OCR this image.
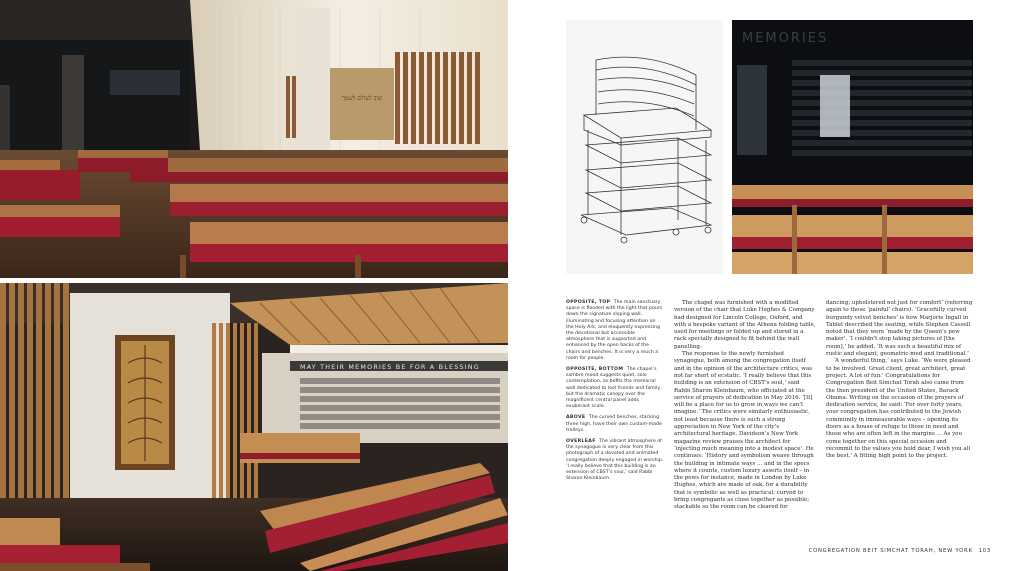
שוב לעולם לשמך
MAY THEIR MEMORIES BE FOR A BLESSING
MEMORIES

OPPOSITE, TOP The main sanctuary space is flooded with the light that pours down the signature sloping wall, illuminating and focusing attention on the Holy Ark, and eloquently expressing the devotional but accessible atmosphere that is supported and enhanced by the open backs of the chairs and benches. It is very a much a room for people.

OPPOSITE, BOTTOM The chapel’s sombre mood suggests quiet, solo contemplation, as befits the memorial wall dedicated to lost friends and family, but the dramatic canopy over the magnificent central panel adds exuberant scale.

ABOVE The curved benches, stacking three high, have their own custom-made trolleys.

OVERLEAF The vibrant atmosphere of the synagogue is very clear from this photograph of a devoted and animated congregation deeply engaged in worship. ‘I really believe that this building is an extension of CBST’s soul,’ said Rabbi Sharon Kleinbaum.

The chapel was furnished with a modified version of the chair that Luke Hughes & Company had designed for Lincoln College, Oxford, and with a bespoke variant of the Athena folding table, used for meetings or folded up and stored in a rack specially designed to fit behind the wall panelling.

The response to the newly furnished synagogue, both among the congregation itself and in the opinion of the architecture critics, was not far short of ecstatic. ‘I really believe that this building is an extension of CBST’s soul,’ said Rabbi Sharon Kleinbaum, who officiated at the service of prayers of dedication in May 2016. ‘[It] will be a place for us to grow in ways we can’t imagine.’ The critics were similarly enthusiastic, not least because there is such a strong appreciation in New York of the city’s architectural heritage. Davidson’s New York magazine review praises the architect for ‘injecting much meaning into a modest space’. He continues: ‘History and symbolism weave through the building in intimate ways ... and in the specs where it counts, custom luxury asserts itself – in the pews for instance, made in London by Luke Hughes, which are made of oak, for a durability that is symbolic as well as practical; curved to bring congregants as close together as possible; stackable so the room can be cleared for

dancing; upholstered not just for comfort’ (referring again to those ‘painful’ chairs). ‘Gracefully curved burgundy velvet benches’ is how Marjorie Ingall in Tablet described the seating, while Stephen Cassell noted that they were ‘made by the Queen’s pew maker’. ‘I couldn’t stop taking pictures of [the room],’ he added. ‘It was such a beautiful mix of rustic and elegant, geometric-med and traditional.’

‘A wonderful thing,’ says Luke. ‘We were pleased to be involved. Great client, great architect, great project. A lot of fun.’ Congratulations for Congregation Beit Simchat Torah also came from the then president of the United States, Barack Obama. Writing on the occasion of the prayers of dedication service, he said: ‘For over forty years, your congregation has contributed to the Jewish community in immeasurable ways – opening its doors as a house of refuge to those in need and those who are often left in the margins ... As you come together on this special occasion and recommit to the values you hold dear, I wish you all the best.’ A fitting high point to the project.

CONGREGATION BEIT SIMCHAT TORAH, NEW YORK 103
